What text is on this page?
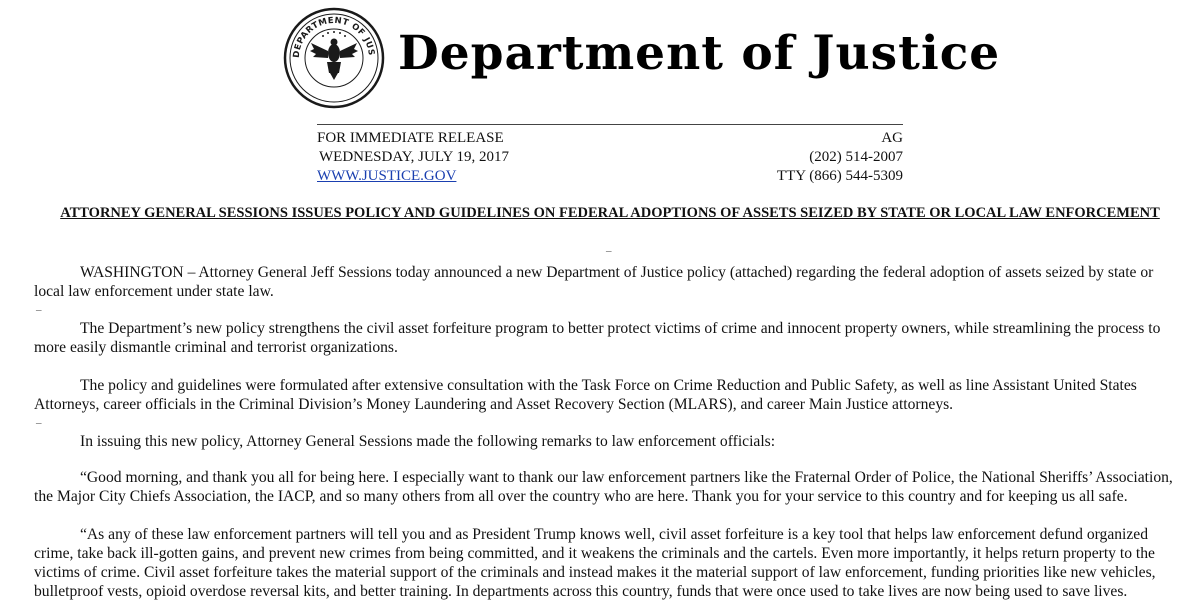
DEPARTMENT OF JUS Department of Justice
FOR IMMEDIATE RELEASE
WEDNESDAY, JULY 19, 2017
WWW.JUSTICE.GOV
AG
(202) 514-2007
TTY (866) 544-5309
ATTORNEY GENERAL SESSIONS ISSUES POLICY AND GUIDELINES ON FEDERAL ADOPTIONS OF ASSETS SEIZED BY STATE OR LOCAL LAW ENFORCEMENT
_
WASHINGTON – Attorney General Jeff Sessions today announced a new Department of Justice policy (attached) regarding the federal adoption of assets seized by state or local law enforcement under state law.
_
The Department’s new policy strengthens the civil asset forfeiture program to better protect victims of crime and innocent property owners, while streamlining the process to more easily dismantle criminal and terrorist organizations.
The policy and guidelines were formulated after extensive consultation with the Task Force on Crime Reduction and Public Safety, as well as line Assistant United States Attorneys, career officials in the Criminal Division’s Money Laundering and Asset Recovery Section (MLARS), and career Main Justice attorneys.
_
In issuing this new policy, Attorney General Sessions made the following remarks to law enforcement officials:
“Good morning, and thank you all for being here. I especially want to thank our law enforcement partners like the Fraternal Order of Police, the National Sheriffs’ Association, the Major City Chiefs Association, the IACP, and so many others from all over the country who are here. Thank you for your service to this country and for keeping us all safe.
“As any of these law enforcement partners will tell you and as President Trump knows well, civil asset forfeiture is a key tool that helps law enforcement defund organized crime, take back ill-gotten gains, and prevent new crimes from being committed, and it weakens the criminals and the cartels. Even more importantly, it helps return property to the victims of crime. Civil asset forfeiture takes the material support of the criminals and instead makes it the material support of law enforcement, funding priorities like new vehicles, bulletproof vests, opioid overdose reversal kits, and better training. In departments across this country, funds that were once used to take lives are now being used to save lives.
